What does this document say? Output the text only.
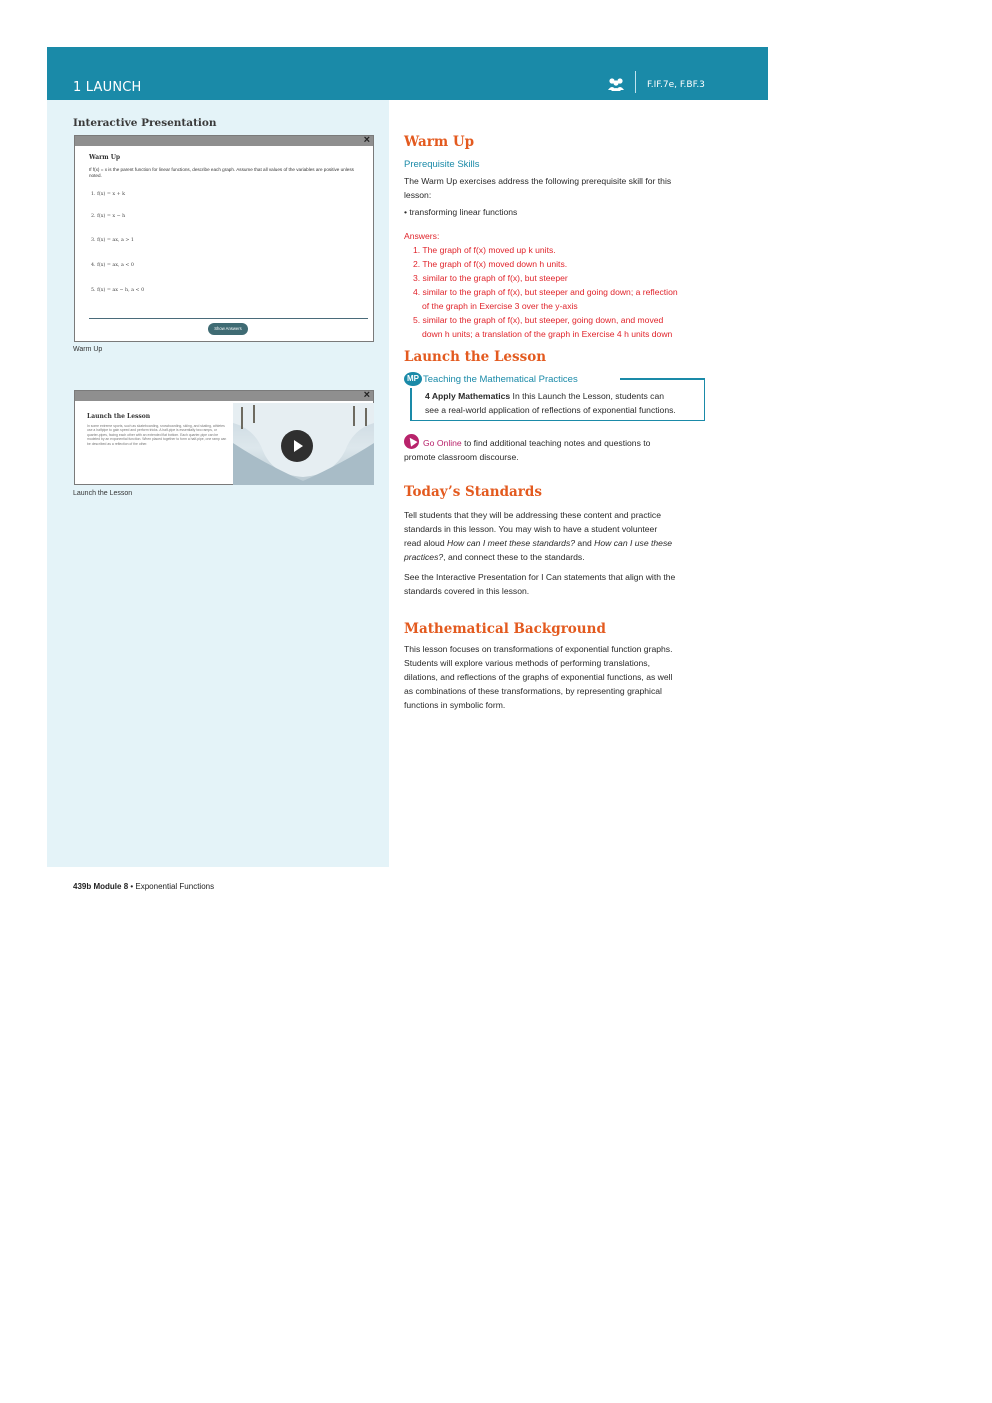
1 LAUNCH	F.IF.7e, F.BF.3
Interactive Presentation
×
Warm Up
If f(x) = x is the parent function for linear functions, describe each graph. Assume that all values of the variables are positive unless noted.
1. f(x) = x + k
2. f(x) = x − h
3. f(x) = ax, a > 1
4. f(x) = ax, a < 0
5. f(x) = ax − h, a < 0
Show Answers
Warm Up
×
Launch the Lesson
In some extreme sports, such as skateboarding, snowboarding, skiing, and skating, athletes use a halfpipe to gain speed and perform tricks. A half-pipe is essentially two ramps, or quarter-pipes, facing each other with an extended flat bottom. Each quarter-pipe can be modeled by an exponential function. When placed together to form a half-pipe, one ramp can be described as a reflection of the other.
Launch the Lesson
Warm Up
Prerequisite Skills
The Warm Up exercises address the following prerequisite skill for this
lesson:
• transforming linear functions
Answers:
1. The graph of f(x) moved up k units.
2. The graph of f(x) moved down h units.
3. similar to the graph of f(x), but steeper
4. similar to the graph of f(x), but steeper and going down; a reflection
of the graph in Exercise 3 over the y-axis
5. similar to the graph of f(x), but steeper, going down, and moved
down h units; a translation of the graph in Exercise 4 h units down
Launch the Lesson
MP Teaching the Mathematical Practices
4 Apply Mathematics In this Launch the Lesson, students can
see a real-world application of reflections of exponential functions.
Go Online to find additional teaching notes and questions to
promote classroom discourse.
Today’s Standards
Tell students that they will be addressing these content and practice
standards in this lesson. You may wish to have a student volunteer
read aloud How can I meet these standards? and How can I use these
practices?, and connect these to the standards.
See the Interactive Presentation for I Can statements that align with the
standards covered in this lesson.
Mathematical Background
This lesson focuses on transformations of exponential function graphs.
Students will explore various methods of performing translations,
dilations, and reflections of the graphs of exponential functions, as well
as combinations of these transformations, by representing graphical
functions in symbolic form.
439b Module 8 • Exponential Functions
